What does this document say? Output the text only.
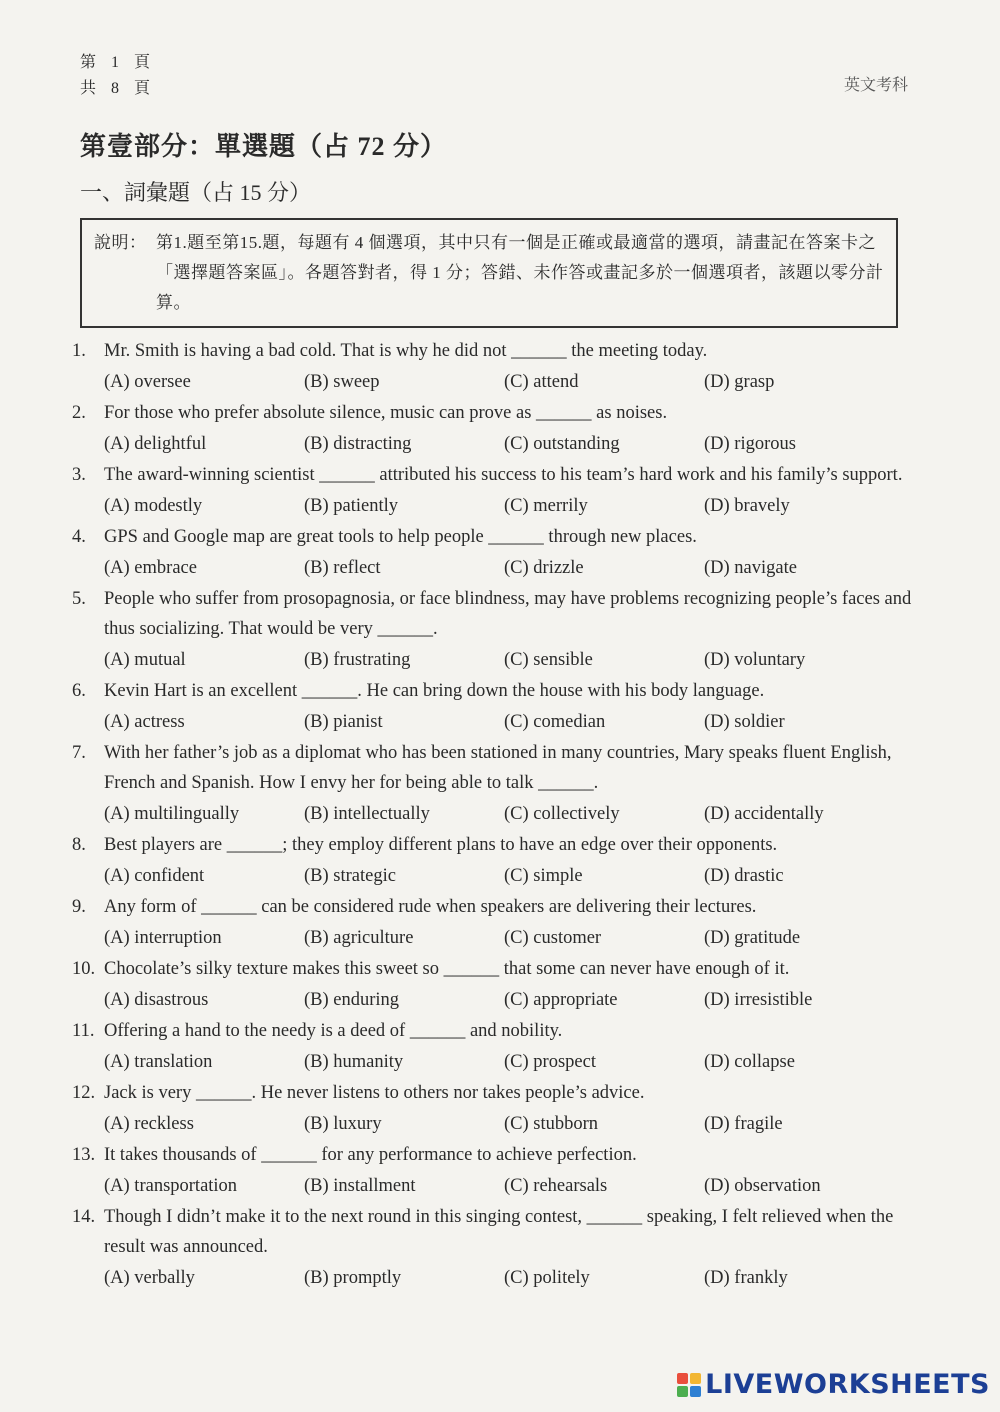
第 1 頁
共 8 頁	英文考科
第壹部分：單選題（占 72 分）
一、詞彙題（占 15 分）
說明： 第1.題至第15.題，每題有 4 個選項，其中只有一個是正確或最適當的選項，請畫記在答案卡之「選擇題答案區」。各題答對者，得 1 分；答錯、未作答或畫記多於一個選項者，該題以零分計算。
1. Mr. Smith is having a bad cold. That is why he did not ______ the meeting today.
(A) oversee	(B) sweep	(C) attend	(D) grasp
2. For those who prefer absolute silence, music can prove as ______ as noises.
(A) delightful	(B) distracting	(C) outstanding	(D) rigorous
3. The award-winning scientist ______ attributed his success to his team’s hard work and his family’s support.
(A) modestly	(B) patiently	(C) merrily	(D) bravely
4. GPS and Google map are great tools to help people ______ through new places.
(A) embrace	(B) reflect	(C) drizzle	(D) navigate
5. People who suffer from prosopagnosia, or face blindness, may have problems recognizing people’s faces and thus socializing. That would be very ______.
(A) mutual	(B) frustrating	(C) sensible	(D) voluntary
6. Kevin Hart is an excellent ______. He can bring down the house with his body language.
(A) actress	(B) pianist	(C) comedian	(D) soldier
7. With her father’s job as a diplomat who has been stationed in many countries, Mary speaks fluent English, French and Spanish. How I envy her for being able to talk ______.
(A) multilingually	(B) intellectually	(C) collectively	(D) accidentally
8. Best players are ______; they employ different plans to have an edge over their opponents.
(A) confident	(B) strategic	(C) simple	(D) drastic
9. Any form of ______ can be considered rude when speakers are delivering their lectures.
(A) interruption	(B) agriculture	(C) customer	(D) gratitude
10. Chocolate’s silky texture makes this sweet so ______ that some can never have enough of it.
(A) disastrous	(B) enduring	(C) appropriate	(D) irresistible
11. Offering a hand to the needy is a deed of ______ and nobility.
(A) translation	(B) humanity	(C) prospect	(D) collapse
12. Jack is very ______. He never listens to others nor takes people’s advice.
(A) reckless	(B) luxury	(C) stubborn	(D) fragile
13. It takes thousands of ______ for any performance to achieve perfection.
(A) transportation	(B) installment	(C) rehearsals	(D) observation
14. Though I didn’t make it to the next round in this singing contest, ______ speaking, I felt relieved when the result was announced.
(A) verbally	(B) promptly	(C) politely	(D) frankly
LIVEWORKSHEETS
